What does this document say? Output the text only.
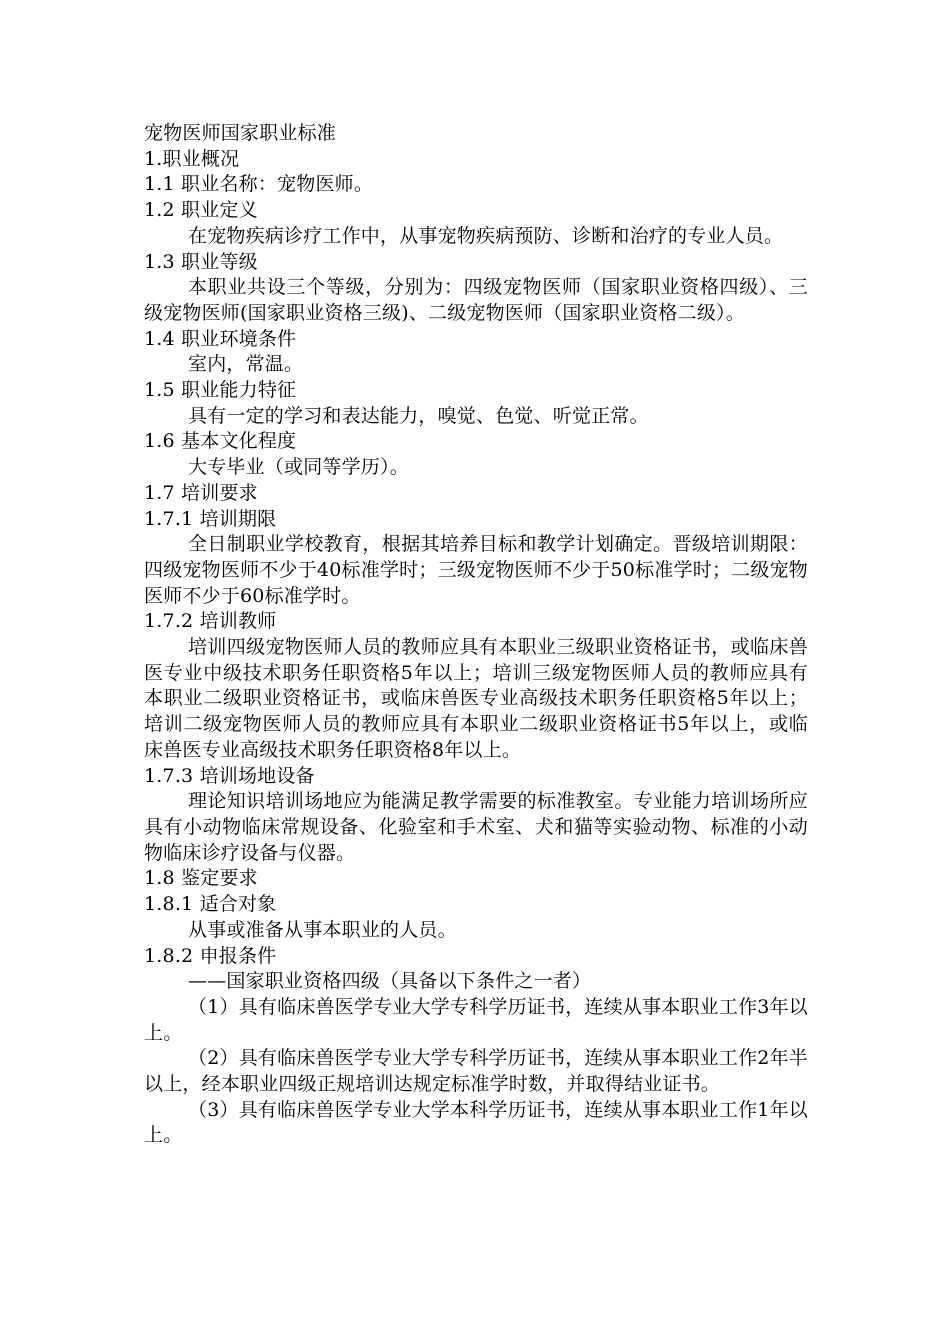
宠物医师国家职业标准

1.职业概况

1.1 职业名称：宠物医师。

1.2 职业定义

在宠物疾病诊疗工作中，从事宠物疾病预防、诊断和治疗的专业人员。

1.3 职业等级

本职业共设三个等级，分别为：四级宠物医师（国家职业资格四级）、三级宠物医师(国家职业资格三级)、二级宠物医师（国家职业资格二级）。

1.4 职业环境条件

室内，常温。

1.5 职业能力特征

具有一定的学习和表达能力，嗅觉、色觉、听觉正常。

1.6 基本文化程度

大专毕业（或同等学历）。

1.7 培训要求

1.7.1 培训期限

全日制职业学校教育，根据其培养目标和教学计划确定。晋级培训期限：四级宠物医师不少于40标准学时；三级宠物医师不少于50标准学时；二级宠物医师不少于60标准学时。

1.7.2 培训教师

培训四级宠物医师人员的教师应具有本职业三级职业资格证书，或临床兽医专业中级技术职务任职资格5年以上；培训三级宠物医师人员的教师应具有本职业二级职业资格证书，或临床兽医专业高级技术职务任职资格5年以上；培训二级宠物医师人员的教师应具有本职业二级职业资格证书5年以上，或临床兽医专业高级技术职务任职资格8年以上。

1.7.3 培训场地设备

理论知识培训场地应为能满足教学需要的标准教室。专业能力培训场所应具有小动物临床常规设备、化验室和手术室、犬和猫等实验动物、标准的小动物临床诊疗设备与仪器。

1.8 鉴定要求

1.8.1 适合对象

从事或准备从事本职业的人员。

1.8.2 申报条件

——国家职业资格四级（具备以下条件之一者）

（1）具有临床兽医学专业大学专科学历证书，连续从事本职业工作3年以上。

（2）具有临床兽医学专业大学专科学历证书，连续从事本职业工作2年半以上，经本职业四级正规培训达规定标准学时数，并取得结业证书。

（3）具有临床兽医学专业大学本科学历证书，连续从事本职业工作1年以上。
